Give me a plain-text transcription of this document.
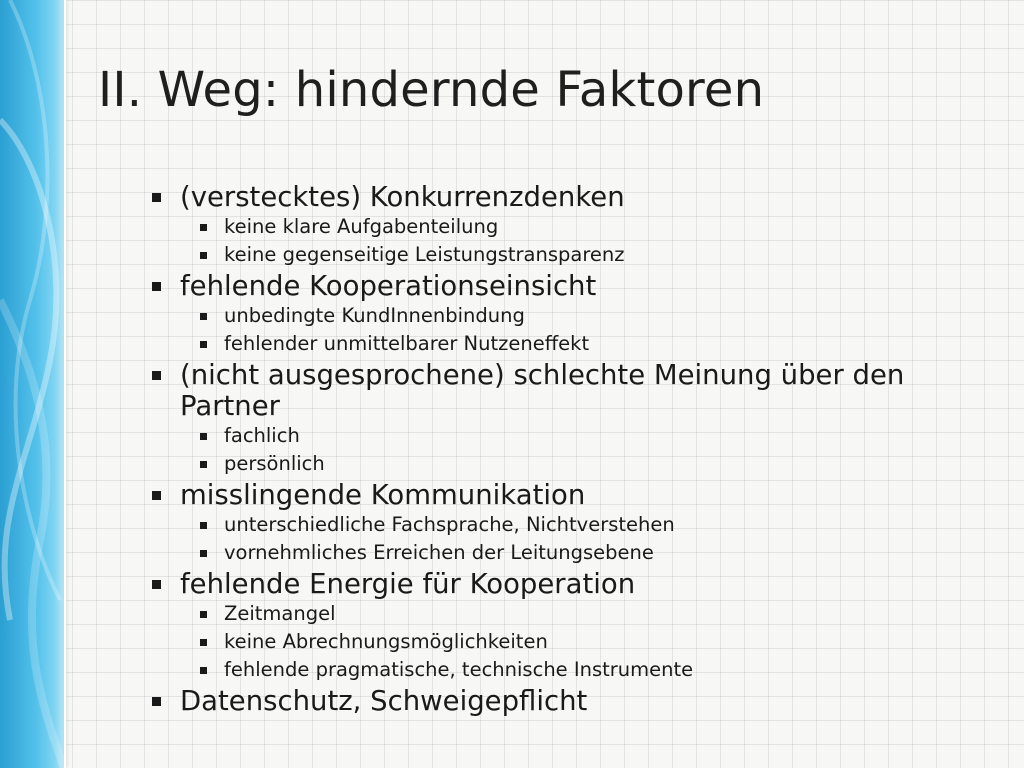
II. Weg: hindernde Faktoren
(verstecktes) Konkurrenzdenken
keine klare Aufgabenteilung
keine gegenseitige Leistungstransparenz
fehlende Kooperationseinsicht
unbedingte KundInnenbindung
fehlender unmittelbarer Nutzeneffekt
(nicht ausgesprochene) schlechte Meinung über den Partner
fachlich
persönlich
misslingende Kommunikation
unterschiedliche Fachsprache, Nichtverstehen
vornehmliches Erreichen der Leitungsebene
fehlende Energie für Kooperation
Zeitmangel
keine Abrechnungsmöglichkeiten
fehlende pragmatische, technische Instrumente
Datenschutz, Schweigepflicht
